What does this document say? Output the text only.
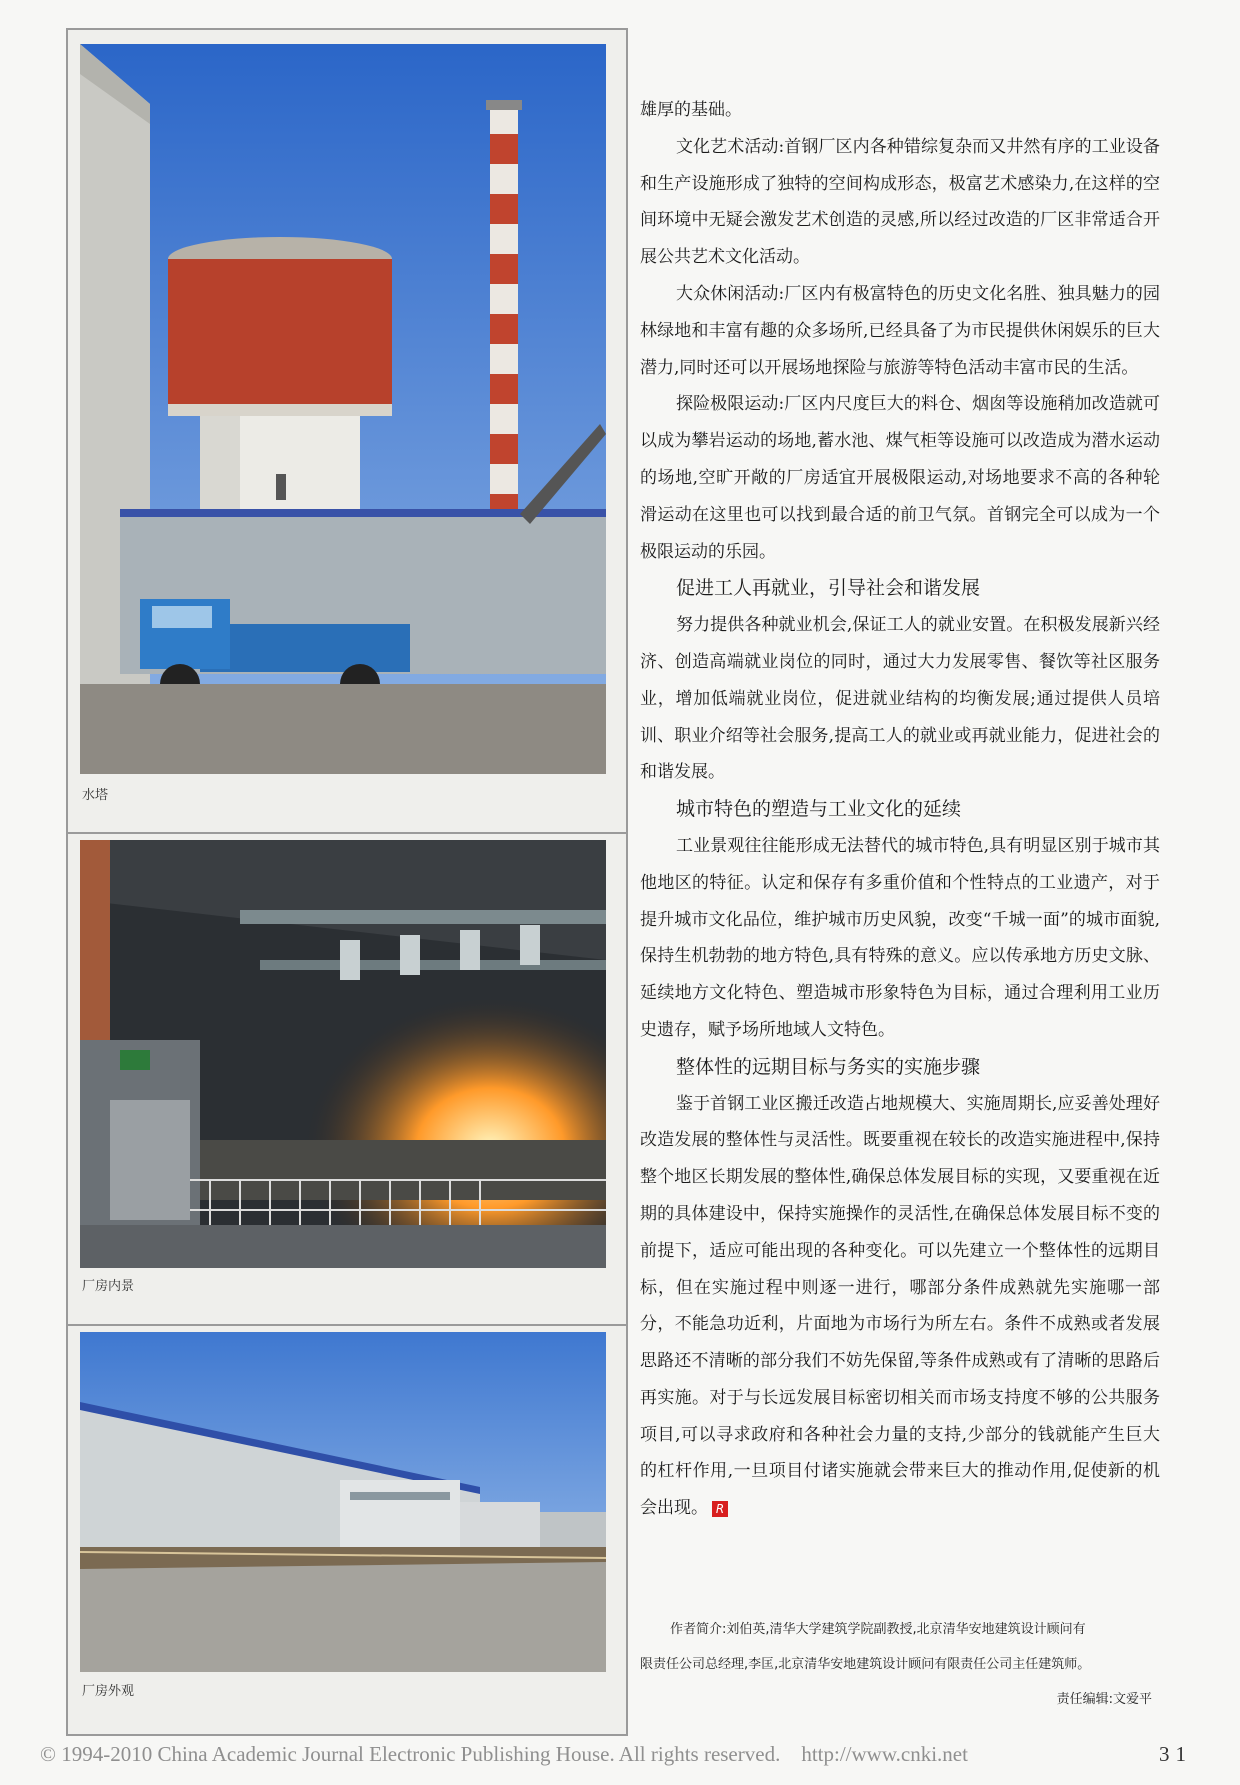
水塔
厂房内景
厂房外观

雄厚的基础。

文化艺术活动:首钢厂区内各种错综复杂而又井然有序的工业设备和生产设施形成了独特的空间构成形态，极富艺术感染力,在这样的空间环境中无疑会激发艺术创造的灵感,所以经过改造的厂区非常适合开展公共艺术文化活动。

大众休闲活动:厂区内有极富特色的历史文化名胜、独具魅力的园林绿地和丰富有趣的众多场所,已经具备了为市民提供休闲娱乐的巨大潜力,同时还可以开展场地探险与旅游等特色活动丰富市民的生活。

探险极限运动:厂区内尺度巨大的料仓、烟囱等设施稍加改造就可以成为攀岩运动的场地,蓄水池、煤气柜等设施可以改造成为潜水运动的场地,空旷开敞的厂房适宜开展极限运动,对场地要求不高的各种轮滑运动在这里也可以找到最合适的前卫气氛。首钢完全可以成为一个极限运动的乐园。

促进工人再就业，引导社会和谐发展

努力提供各种就业机会,保证工人的就业安置。在积极发展新兴经济、创造高端就业岗位的同时，通过大力发展零售、餐饮等社区服务业，增加低端就业岗位，促进就业结构的均衡发展;通过提供人员培训、职业介绍等社会服务,提高工人的就业或再就业能力，促进社会的和谐发展。

城市特色的塑造与工业文化的延续

工业景观往往能形成无法替代的城市特色,具有明显区别于城市其他地区的特征。认定和保存有多重价值和个性特点的工业遗产，对于提升城市文化品位，维护城市历史风貌，改变“千城一面”的城市面貌,保持生机勃勃的地方特色,具有特殊的意义。应以传承地方历史文脉、延续地方文化特色、塑造城市形象特色为目标，通过合理利用工业历史遗存，赋予场所地域人文特色。

整体性的远期目标与务实的实施步骤

鉴于首钢工业区搬迁改造占地规模大、实施周期长,应妥善处理好改造发展的整体性与灵活性。既要重视在较长的改造实施进程中,保持整个地区长期发展的整体性,确保总体发展目标的实现，又要重视在近期的具体建设中，保持实施操作的灵活性,在确保总体发展目标不变的前提下，适应可能出现的各种变化。可以先建立一个整体性的远期目标，但在实施过程中则逐一进行，哪部分条件成熟就先实施哪一部分，不能急功近利，片面地为市场行为所左右。条件不成熟或者发展思路还不清晰的部分我们不妨先保留,等条件成熟或有了清晰的思路后再实施。对于与长远发展目标密切相关而市场支持度不够的公共服务项目,可以寻求政府和各种社会力量的支持,少部分的钱就能产生巨大的杠杆作用,一旦项目付诸实施就会带来巨大的推动作用,促使新的机会出现。 R

作者简介:刘伯英,清华大学建筑学院副教授,北京清华安地建筑设计顾问有
限责任公司总经理,李匡,北京清华安地建筑设计顾问有限责任公司主任建筑师。
责任编辑:文爱平
© 1994-2010 China Academic Journal Electronic Publishing House. All rights reserved.    http://www.cnki.net	31
